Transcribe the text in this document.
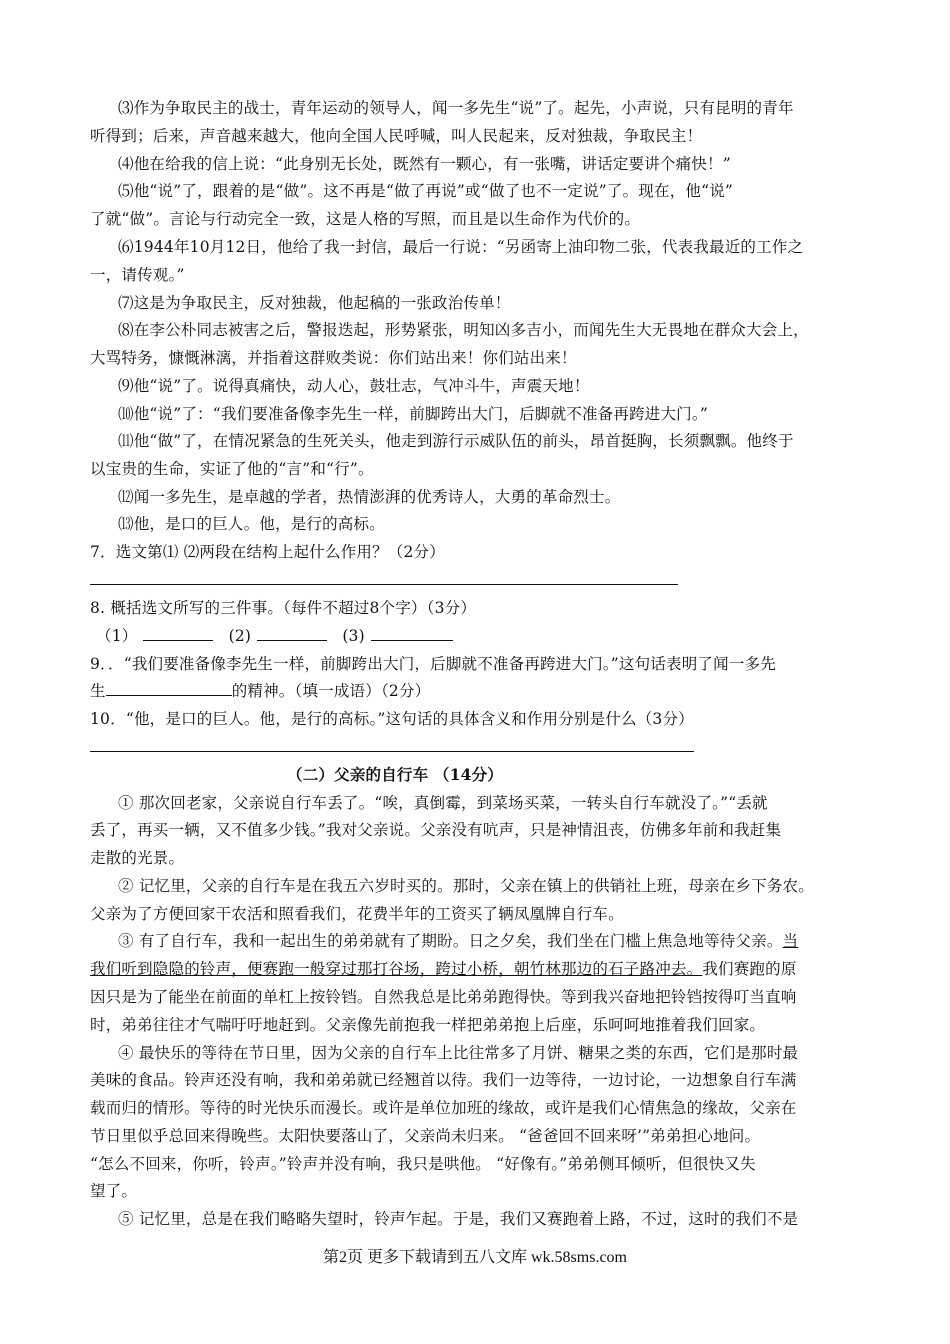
⑶作为争取民主的战士，青年运动的领导人，闻一多先生“说”了。起先，小声说，只有昆明的青年
听得到；后来，声音越来越大，他向全国人民呼喊，叫人民起来，反对独裁，争取民主！
⑷他在给我的信上说：“此身别无长处，既然有一颗心，有一张嘴，讲话定要讲个痛快！”
⑸他“说”了，跟着的是“做”。这不再是“做了再说”或“做了也不一定说”了。现在，他“说”
了就“做”。言论与行动完全一致，这是人格的写照，而且是以生命作为代价的。
⑹1944年10月12日，他给了我一封信，最后一行说：“另函寄上油印物二张，代表我最近的工作之
一，请传观。”
⑺这是为争取民主，反对独裁，他起稿的一张政治传单！
⑻在李公朴同志被害之后，警报迭起，形势紧张，明知凶多吉小，而闻先生大无畏地在群众大会上，
大骂特务，慷慨淋漓，并指着这群败类说：你们站出来！你们站出来！
⑼他“说”了。说得真痛快，动人心，鼓壮志，气冲斗牛，声震天地！
⑽他“说”了：“我们要准备像李先生一样，前脚跨出大门，后脚就不准备再跨进大门。”
⑾他“做”了，在情况紧急的生死关头，他走到游行示威队伍的前头，昂首挺胸，长须飘飘。他终于
以宝贵的生命，实证了他的“言”和“行”。
⑿闻一多先生，是卓越的学者，热情澎湃的优秀诗人，大勇的革命烈士。
⒀他，是口的巨人。他，是行的高标。
7．选文第⑴ ⑵两段在结构上起什么作用？（2分）
8. 概括选文所写的三件事。（每件不超过8个字）（3分）
（1）	(2)	(3)
9．．“我们要准备像李先生一样，前脚跨出大门，后脚就不准备再跨进大门。”这句话表明了闻一多先
生	的精神。（填一成语）（2分）
10．“他，是口的巨人。他，是行的高标。”这句话的具体含义和作用分别是什么（3分）
（二）父亲的自行车 （14分）
① 那次回老家，父亲说自行车丢了。“唉，真倒霉，到菜场买菜，一转头自行车就没了。”“丢就
丢了，再买一辆，又不值多少钱。”我对父亲说。父亲没有吭声，只是神情沮丧，仿佛多年前和我赶集
走散的光景。
② 记忆里，父亲的自行车是在我五六岁时买的。那时，父亲在镇上的供销社上班，母亲在乡下务农。
父亲为了方便回家干农活和照看我们，花费半年的工资买了辆凤凰牌自行车。
③ 有了自行车，我和一起出生的弟弟就有了期盼。日之夕矣，我们坐在门槛上焦急地等待父亲。当
我们听到隐隐的铃声，便赛跑一般穿过那打谷场，跨过小桥，朝竹林那边的石子路冲去。我们赛跑的原
因只是为了能坐在前面的单杠上按铃铛。自然我总是比弟弟跑得快。等到我兴奋地把铃铛按得叮当直响
时，弟弟往往才气喘吁吁地赶到。父亲像先前抱我一样把弟弟抱上后座，乐呵呵地推着我们回家。
④ 最快乐的等待在节日里，因为父亲的自行车上比往常多了月饼、糖果之类的东西，它们是那时最
美味的食品。铃声还没有响，我和弟弟就已经翘首以待。我们一边等待，一边讨论，一边想象自行车满
载而归的情形。等待的时光快乐而漫长。或许是单位加班的缘故，或许是我们心情焦急的缘故，父亲在
节日里似乎总回来得晚些。太阳快要落山了，父亲尚未归来。 “爸爸回不回来呀’”弟弟担心地问。
“怎么不回来，你听，铃声。”铃声并没有响，我只是哄他。 “好像有。”弟弟侧耳倾听，但很快又失
望了。
⑤ 记忆里，总是在我们略略失望时，铃声乍起。于是，我们又赛跑着上路，不过，这时的我们不是
第2页 更多下载请到五八文库 wk.58sms.com
